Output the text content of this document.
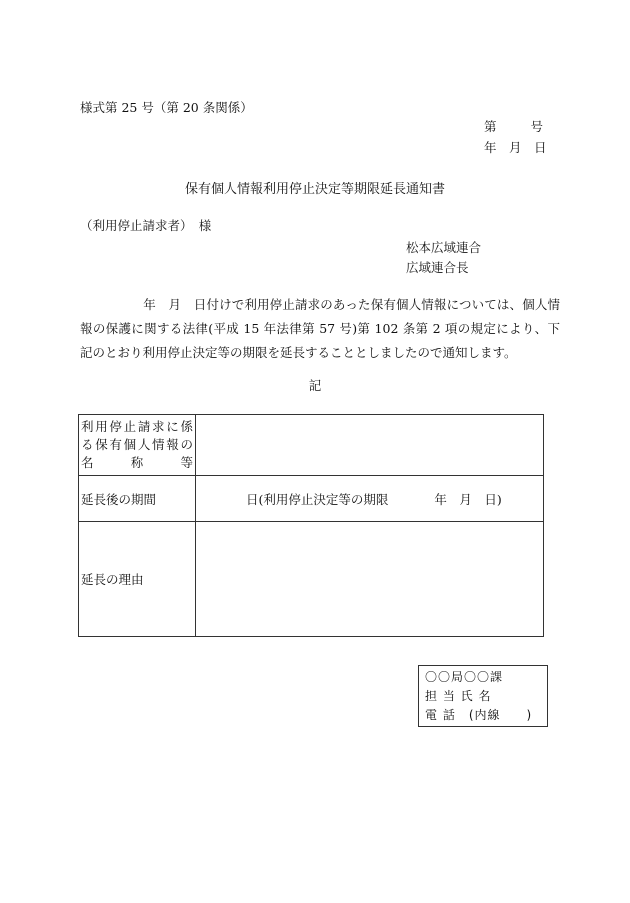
様式第 25 号（第 20 条関係）
第	号
年　月　日
保有個人情報利用停止決定等期限延長通知書
（利用停止請求者）　様
松本広域連合
広域連合長
　　　　　年　月　日付けで利用停止請求のあった保有個人情報については、個人情報の保護に関する法律(平成 15 年法律第 57 号)第 102 条第 2 項の規定により、下記のとおり利用停止決定等の期限を延長することとしましたので通知します。
記
利用停止請求に係る保有個人情報の名称等	
延長後の期間	日(利用停止決定等の期限 年　月　日)
延長の理由	
〇〇局〇〇課
担 当 氏 名
電 話　(内線　　)
